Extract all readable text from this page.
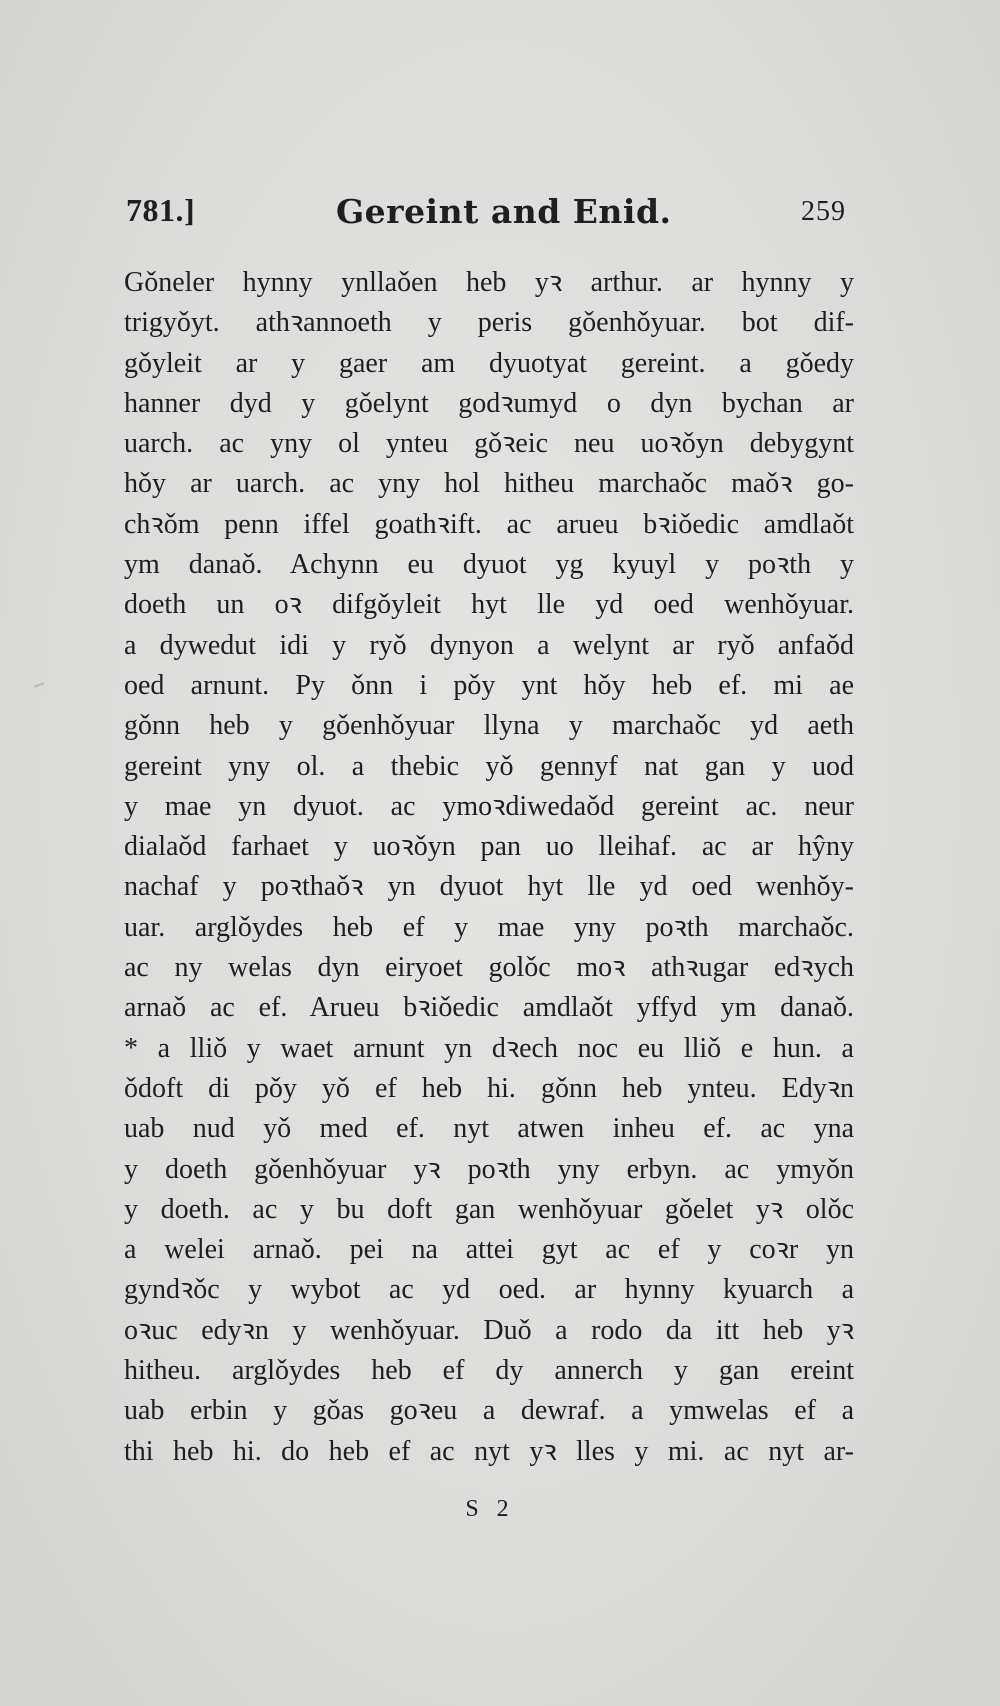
781.]	Gereint and Enid.	259
Gǒneler hynny ynllaǒen heb yꝛ arthur. ar hynny y
trigyǒyt. athꝛannoeth y peris gǒenhǒyuar. bot dif-
gǒyleit ar y gaer am dyuotyat gereint. a gǒedy
hanner dyd y gǒelynt godꝛumyd o dyn bychan ar
uarch. ac yny ol ynteu gǒꝛeic neu uoꝛǒyn debygynt
hǒy ar uarch. ac yny hol hitheu marchaǒc maǒꝛ go-
chꝛǒm penn iffel goathꝛift. ac arueu bꝛiǒedic amdlaǒt
ym danaǒ. Achynn eu dyuot yg kyuyl y poꝛth y
doeth un oꝛ difgǒyleit hyt lle yd oed wenhǒyuar.
a dywedut idi y ryǒ dynyon a welynt ar ryǒ anfaǒd
oed arnunt. Py ǒnn i pǒy ynt hǒy heb ef. mi ae
gǒnn heb y gǒenhǒyuar llyna y marchaǒc yd aeth
gereint yny ol. a thebic yǒ gennyf nat gan y uod
y mae yn dyuot. ac ymoꝛdiwedaǒd gereint ac. neur
dialaǒd farhaet y uoꝛǒyn pan uo lleihaf. ac ar hŷny
nachaf y poꝛthaǒꝛ yn dyuot hyt lle yd oed wenhǒy-
uar. arglǒydes heb ef y mae yny poꝛth marchaǒc.
ac ny welas dyn eiryoet golǒc moꝛ athꝛugar edꝛych
arnaǒ ac ef. Arueu bꝛiǒedic amdlaǒt yffyd ym danaǒ.
* a lliǒ y waet arnunt yn dꝛech noc eu lliǒ e hun. a
ǒdoft di pǒy yǒ ef heb hi. gǒnn heb ynteu. Edyꝛn
uab nud yǒ med ef. nyt atwen inheu ef. ac yna
y doeth gǒenhǒyuar yꝛ poꝛth yny erbyn. ac ymyǒn
y doeth. ac y bu doft gan wenhǒyuar gǒelet yꝛ olǒc
a welei arnaǒ. pei na attei gyt ac ef y coꝛr yn
gyndꝛǒc y wybot ac yd oed. ar hynny kyuarch a
oꝛuc edyꝛn y wenhǒyuar. Duǒ a rodo da itt heb yꝛ
hitheu. arglǒydes heb ef dy annerch y gan ereint
uab erbin y gǒas goꝛeu a dewraf. a ymwelas ef a
thi heb hi. do heb ef ac nyt yꝛ lles y mi. ac nyt ar-
S 2
